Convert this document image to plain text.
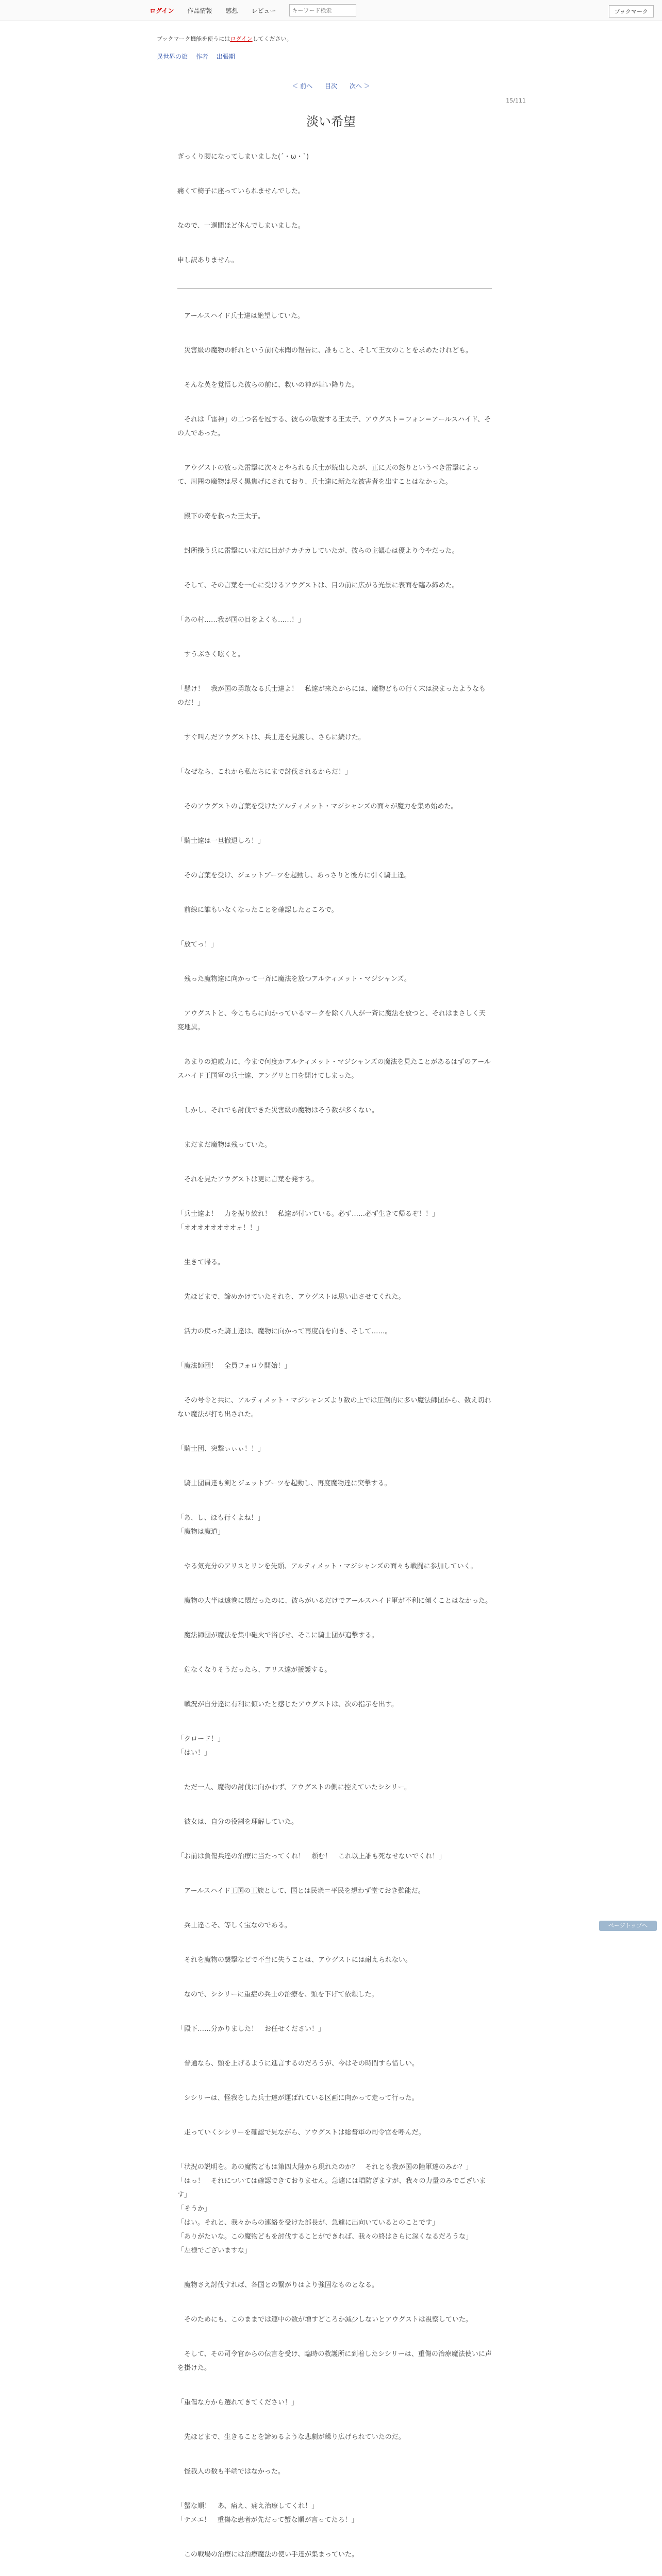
ログイン 作品情報 感想 レビュー
キーワード検索	ブックマーク
ブックマーク機能を使うにはログインしてください。
異世界の旅 作者 出張期
＜ 前へ 目次 次へ ＞
15/111
淡い希望

ぎっくり腰になってしまいました(´・ω・`)

痛くて椅子に座っていられませんでした。

なので、一週間ほど休んでしまいました。

申し訳ありません。

　アールスハイド兵士達は絶望していた。

　災害級の魔物の群れという前代未聞の報告に、誰もこと、そして王女のことを求めたけれども。

　そんな英を覚悟した彼らの前に、救いの神が舞い降りた。

　それは「雷神」の二つ名を冠する、彼らの敬愛する王太子、アウグスト＝フォン＝アールスハイド、その人であった。

　アウグストの放った雷撃に次々とやられる兵士が続出したが、正に天の怒りというべき雷撃によって、周囲の魔物は尽く黒焦げにされており、兵士達に新たな被害者を出すことはなかった。

　殿下の奇を救った王太子。

　封所操う兵に雷撃にいまだに目がチカチカしていたが、彼らの主観心は優より今やだった。

　そして、その言葉を一心に受けるアウグストは、目の前に広がる光景に表面を臨み締めた。

「あの村……我が国の目をよくも……！」

　すうぶさく呟くと。

「懸け！　我が国の勇敢なる兵士達よ！　私達が来たからには、魔物どもの行く末は決まったようなものだ！」

　すぐ叫んだアウグストは、兵士達を見渡し、さらに続けた。

「なぜなら、これから私たちにまで討伐されるからだ！」

　そのアウグストの言葉を受けたアルティメット・マジシャンズの面々が魔力を集め始めた。

「騎士達は一旦撤退しろ！」

　その言葉を受け、ジェットブーツを起動し、あっさりと後方に引く騎士達。

　前線に誰もいなくなったことを確認したところで。

「放てっ！」

　残った魔物達に向かって一斉に魔法を放つアルティメット・マジシャンズ。

　アウグストと、今こちらに向かっているマークを除く八人が一斉に魔法を放つと、それはまさしく天変地異。

　あまりの迫威力に、今まで何度かアルティメット・マジシャンズの魔法を見たことがあるはずのアールスハイド王国軍の兵士達、アングリと口を開けてしまった。

　しかし、それでも討伐できた災害級の魔物はそう数が多くない。

　まだまだ魔物は残っていた。

　それを見たアウグストは更に言葉を発する。

「兵士達よ！　力を振り絞れ！　私達が付いている。必ず……必ず生きて帰るぞ！！」
「オオオオオオオオォ！！」

　生きて帰る。

　先ほどまで、諦めかけていたそれを、アウグストは思い出させてくれた。

　活力の戻った騎士達は、魔物に向かって再度前を向き、そして……。

「魔法師団！　全員フォロウ開始！」

　その号令と共に、アルティメット・マジシャンズより数の上では圧倒的に多い魔法師団から、数え切れない魔法が打ち出された。

「騎士団、突撃ぃぃぃ！！」

　騎士団員達も剣とジェットブーツを起動し、再度魔物達に突撃する。

「あ、し、ほも行くよね！」
「魔物は魔道」

　やる気充分のアリスとリンを先頭、アルティメット・マジシャンズの面々も戦闘に参加していく。

　魔物の大半は遠巻に悶だったのに、彼らがいるだけでアールスハイド軍が不利に傾くことはなかった。

　魔法師団が魔法を集中砲火で浴びせ、そこに騎士団が追撃する。

　危なくなりそうだったら、アリス達が援護する。

　戦況が自分達に有利に傾いたと感じたアウグストは、次の指示を出す。

「クロード！」
「はい！」

　ただ一人、魔物の討伐に向かわず、アウグストの側に控えていたシシリー。

　彼女は、自分の役割を理解していた。

「お前は負傷兵達の治療に当たってくれ！　頼む！　これ以上誰も死なせないでくれ！」

　アールスハイド王国の王族として、国とは民衆＝平民を想わず堂ておき難能だ。

　兵士達こそ、等しく宝なのである。

　それを魔物の襲撃などで不当に失うことは、アウグストには耐えられない。

　なので、シシリーに重症の兵士の治療を、頭を下げて依頼した。

「殿下……分かりました！　お任せください！」

　普通なら、頭を上げるように進言するのだろうが、今はその時間すら惜しい。

　シシリーは、怪我をした兵士達が運ばれている区画に向かって走って行った。

　走っていくシシリーを確認で見ながら、アウグストは総督軍の司令官を呼んだ。

「状況の説明を。あの魔物どもは第四大陸から現れたのか？　それとも我が国の陸軍達のみか？」
「はっ！　それについては確認できておりません。急遽には増防ぎますが、我々の力量のみでございます」
「そうか」
「はい。それと、我々からの連絡を受けた部長が、急遽に出向いているとのことです」
「ありがたいな。この魔物どもを討伐することができれば、我々の終はさらに深くなるだろうな」
「左様でございますな」

　魔物さえ討伐すれば、各国との繋がりはより強固なものとなる。

　そのためにも、このままでは連中の数が増すどころか減少しないとアウグストは視察していた。

　そして、その司令官からの伝言を受け、臨時の救護所に到着したシシリーは、重傷の治療魔法使いに声を掛けた。

「重傷な方から選れてきてください！」

　先ほどまで、生きることを諦めるような悲劇が繰り広げられていたのだ。

　怪我人の数も半端ではなかった。

「蟹な順！　あ、痛え、痛え治療してくれ！」
「テメエ！　重傷な患者が先だって蟹な順が言ってたろ！」

　この戦場の治療には治療魔法の使い手達が集まっていた。

ページトップへ
